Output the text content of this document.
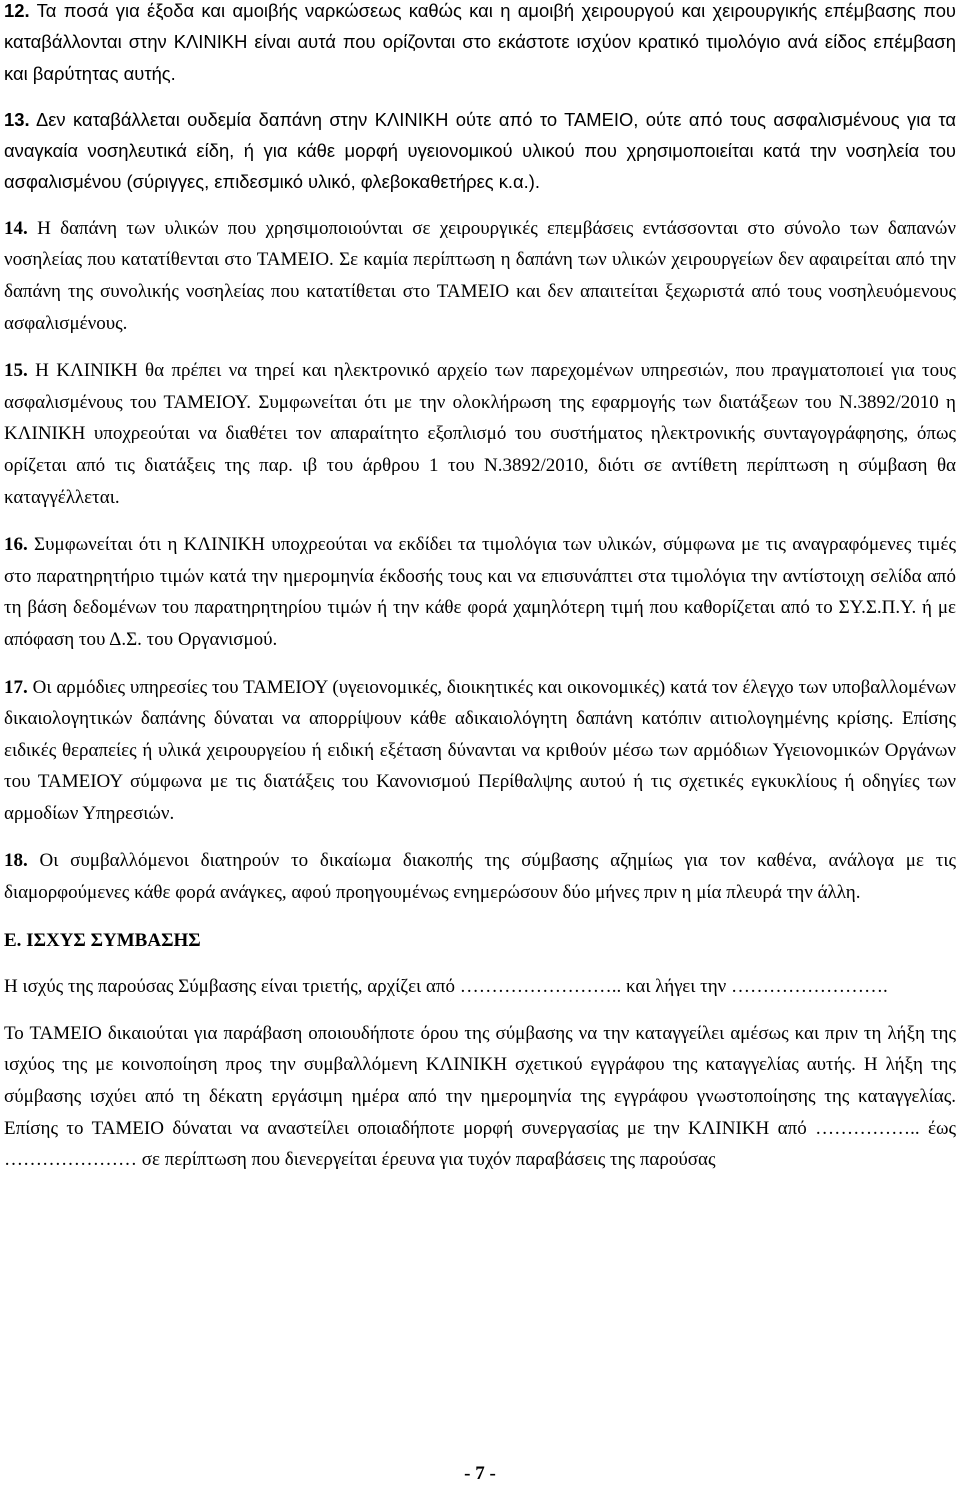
12. Τα ποσά για έξοδα και αμοιβής ναρκώσεως καθώς και η αμοιβή χειρουργού και χειρουργικής επέμβασης που καταβάλλονται στην ΚΛΙΝΙΚΗ είναι αυτά που ορίζονται στο εκάστοτε ισχύον κρατικό τιμολόγιο ανά είδος επέμβαση και βαρύτητας αυτής.

13. Δεν καταβάλλεται ουδεμία δαπάνη στην ΚΛΙΝΙΚΗ ούτε από το ΤΑΜΕΙΟ, ούτε από τους ασφαλισμένους για τα αναγκαία νοσηλευτικά είδη, ή για κάθε μορφή υγειονομικού υλικού που χρησιμοποιείται κατά την νοσηλεία του ασφαλισμένου (σύριγγες, επιδεσμικό υλικό, φλεβοκαθετήρες κ.α.).

14. Η δαπάνη των υλικών που χρησιμοποιούνται σε χειρουργικές επεμβάσεις εντάσσονται στο σύνολο των δαπανών νοσηλείας που κατατίθενται στο ΤΑΜΕΙΟ. Σε καμία περίπτωση η δαπάνη των υλικών χειρουργείων δεν αφαιρείται από την δαπάνη της συνολικής νοσηλείας που κατατίθεται στο ΤΑΜΕΙΟ και δεν απαιτείται ξεχωριστά από τους νοσηλευόμενους ασφαλισμένους.

15. Η ΚΛΙΝΙΚΗ θα πρέπει να τηρεί και ηλεκτρονικό αρχείο των παρεχομένων υπηρεσιών, που πραγματοποιεί για τους ασφαλισμένους του ΤΑΜΕΙΟΥ. Συμφωνείται ότι με την ολοκλήρωση της εφαρμογής των διατάξεων του Ν.3892/2010 η ΚΛΙΝΙΚΗ υποχρεούται να διαθέτει τον απαραίτητο εξοπλισμό του συστήματος ηλεκτρονικής συνταγογράφησης, όπως ορίζεται από τις διατάξεις της παρ. ιβ του άρθρου 1 του Ν.3892/2010, διότι σε αντίθετη περίπτωση η σύμβαση θα καταγγέλλεται.

16. Συμφωνείται ότι η ΚΛΙΝΙΚΗ υποχρεούται να εκδίδει τα τιμολόγια των υλικών, σύμφωνα με τις αναγραφόμενες τιμές στο παρατηρητήριο τιμών κατά την ημερομηνία έκδοσής τους και να επισυνάπτει στα τιμολόγια την αντίστοιχη σελίδα από τη βάση δεδομένων του παρατηρητηρίου τιμών ή την κάθε φορά χαμηλότερη τιμή που καθορίζεται από το ΣΥ.Σ.Π.Υ. ή με απόφαση του Δ.Σ. του Οργανισμού.

17. Οι αρμόδιες υπηρεσίες του ΤΑΜΕΙΟΥ (υγειονομικές, διοικητικές και οικονομικές) κατά τον έλεγχο των υποβαλλομένων δικαιολογητικών δαπάνης δύναται να απορρίψουν κάθε αδικαιολόγητη δαπάνη κατόπιν αιτιολογημένης κρίσης. Επίσης ειδικές θεραπείες ή υλικά χειρουργείου ή ειδική εξέταση δύνανται να κριθούν μέσω των αρμόδιων Υγειονομικών Οργάνων του ΤΑΜΕΙΟΥ σύμφωνα με τις διατάξεις του Κανονισμού Περίθαλψης αυτού ή τις σχετικές εγκυκλίους ή οδηγίες των αρμοδίων Υπηρεσιών.

18. Οι συμβαλλόμενοι διατηρούν το δικαίωμα διακοπής της σύμβασης αζημίως για τον καθένα, ανάλογα με τις διαμορφούμενες κάθε φορά ανάγκες, αφού προηγουμένως ενημερώσουν δύο μήνες πριν η μία πλευρά την άλλη.

Ε. ΙΣΧΥΣ ΣΥΜΒΑΣΗΣ

Η ισχύς της παρούσας Σύμβασης είναι τριετής, αρχίζει από …………………….. και λήγει την …………………….

Το ΤΑΜΕΙΟ δικαιούται για παράβαση οποιουδήποτε όρου της σύμβασης να την καταγγείλει αμέσως και πριν τη λήξη της ισχύος της με κοινοποίηση προς την συμβαλλόμενη ΚΛΙΝΙΚΗ σχετικού εγγράφου της καταγγελίας αυτής. Η λήξη της σύμβασης ισχύει από τη δέκατη εργάσιμη ημέρα από την ημερομηνία της εγγράφου γνωστοποίησης της καταγγελίας. Επίσης το ΤΑΜΕΙΟ δύναται να αναστείλει οποιαδήποτε μορφή συνεργασίας με την ΚΛΙΝΙΚΗ από …………….. έως ………………… σε περίπτωση που διενεργείται έρευνα για τυχόν παραβάσεις της παρούσας

- 7 -
